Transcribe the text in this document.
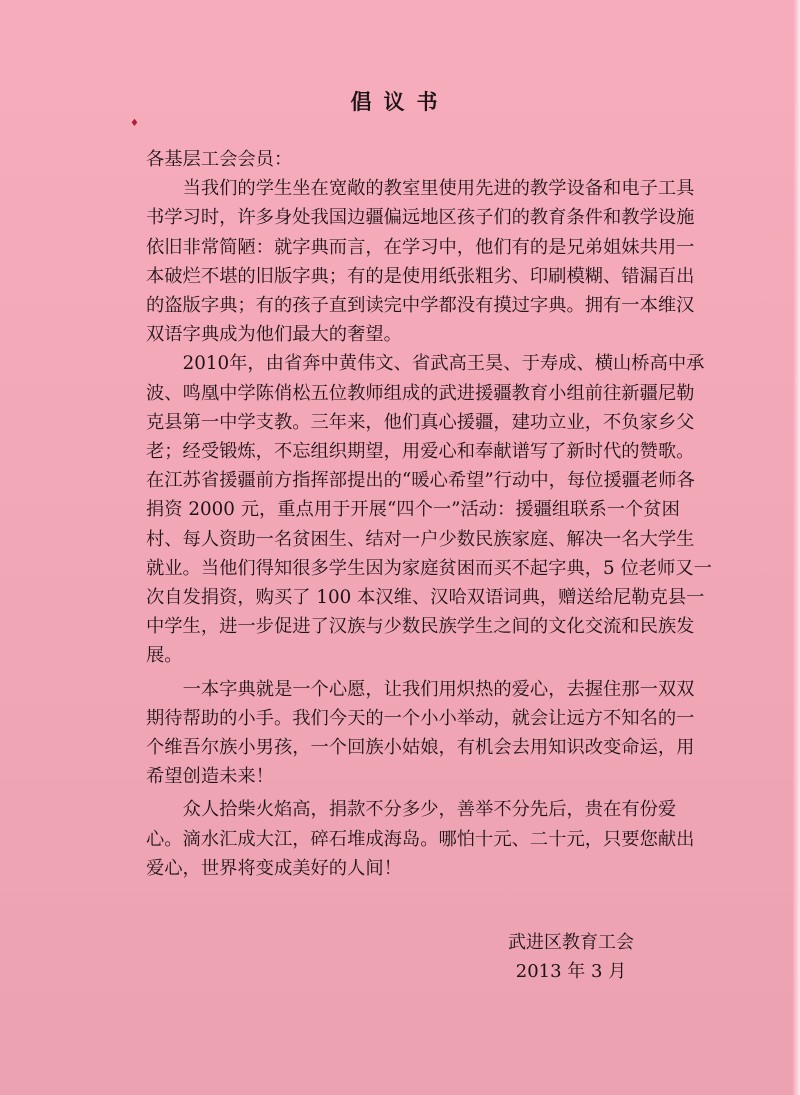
倡议书
♦

各基层工会会员：

当我们的学生坐在宽敞的教室里使用先进的教学设备和电子工具书学习时，许多身处我国边疆偏远地区孩子们的教育条件和教学设施依旧非常简陋：就字典而言，在学习中，他们有的是兄弟姐妹共用一本破烂不堪的旧版字典；有的是使用纸张粗劣、印刷模糊、错漏百出的盗版字典；有的孩子直到读完中学都没有摸过字典。拥有一本维汉双语字典成为他们最大的奢望。

2010年，由省奔中黄伟文、省武高王昊、于寿成、横山桥高中承波、鸣凰中学陈俏松五位教师组成的武进援疆教育小组前往新疆尼勒克县第一中学支教。三年来，他们真心援疆，建功立业，不负家乡父老；经受锻炼，不忘组织期望，用爱心和奉献谱写了新时代的赞歌。在江苏省援疆前方指挥部提出的“暖心希望”行动中，每位援疆老师各捐资 2000 元，重点用于开展“四个一”活动：援疆组联系一个贫困村、每人资助一名贫困生、结对一户少数民族家庭、解决一名大学生就业。当他们得知很多学生因为家庭贫困而买不起字典，5 位老师又一次自发捐资，购买了 100 本汉维、汉哈双语词典，赠送给尼勒克县一中学生，进一步促进了汉族与少数民族学生之间的文化交流和民族发展。

一本字典就是一个心愿，让我们用炽热的爱心，去握住那一双双期待帮助的小手。我们今天的一个小小举动，就会让远方不知名的一个维吾尔族小男孩，一个回族小姑娘，有机会去用知识改变命运，用希望创造未来！

众人拾柴火焰高，捐款不分多少，善举不分先后，贵在有份爱心。滴水汇成大江，碎石堆成海岛。哪怕十元、二十元，只要您献出爱心，世界将变成美好的人间！

武进区教育工会
2013 年 3 月
